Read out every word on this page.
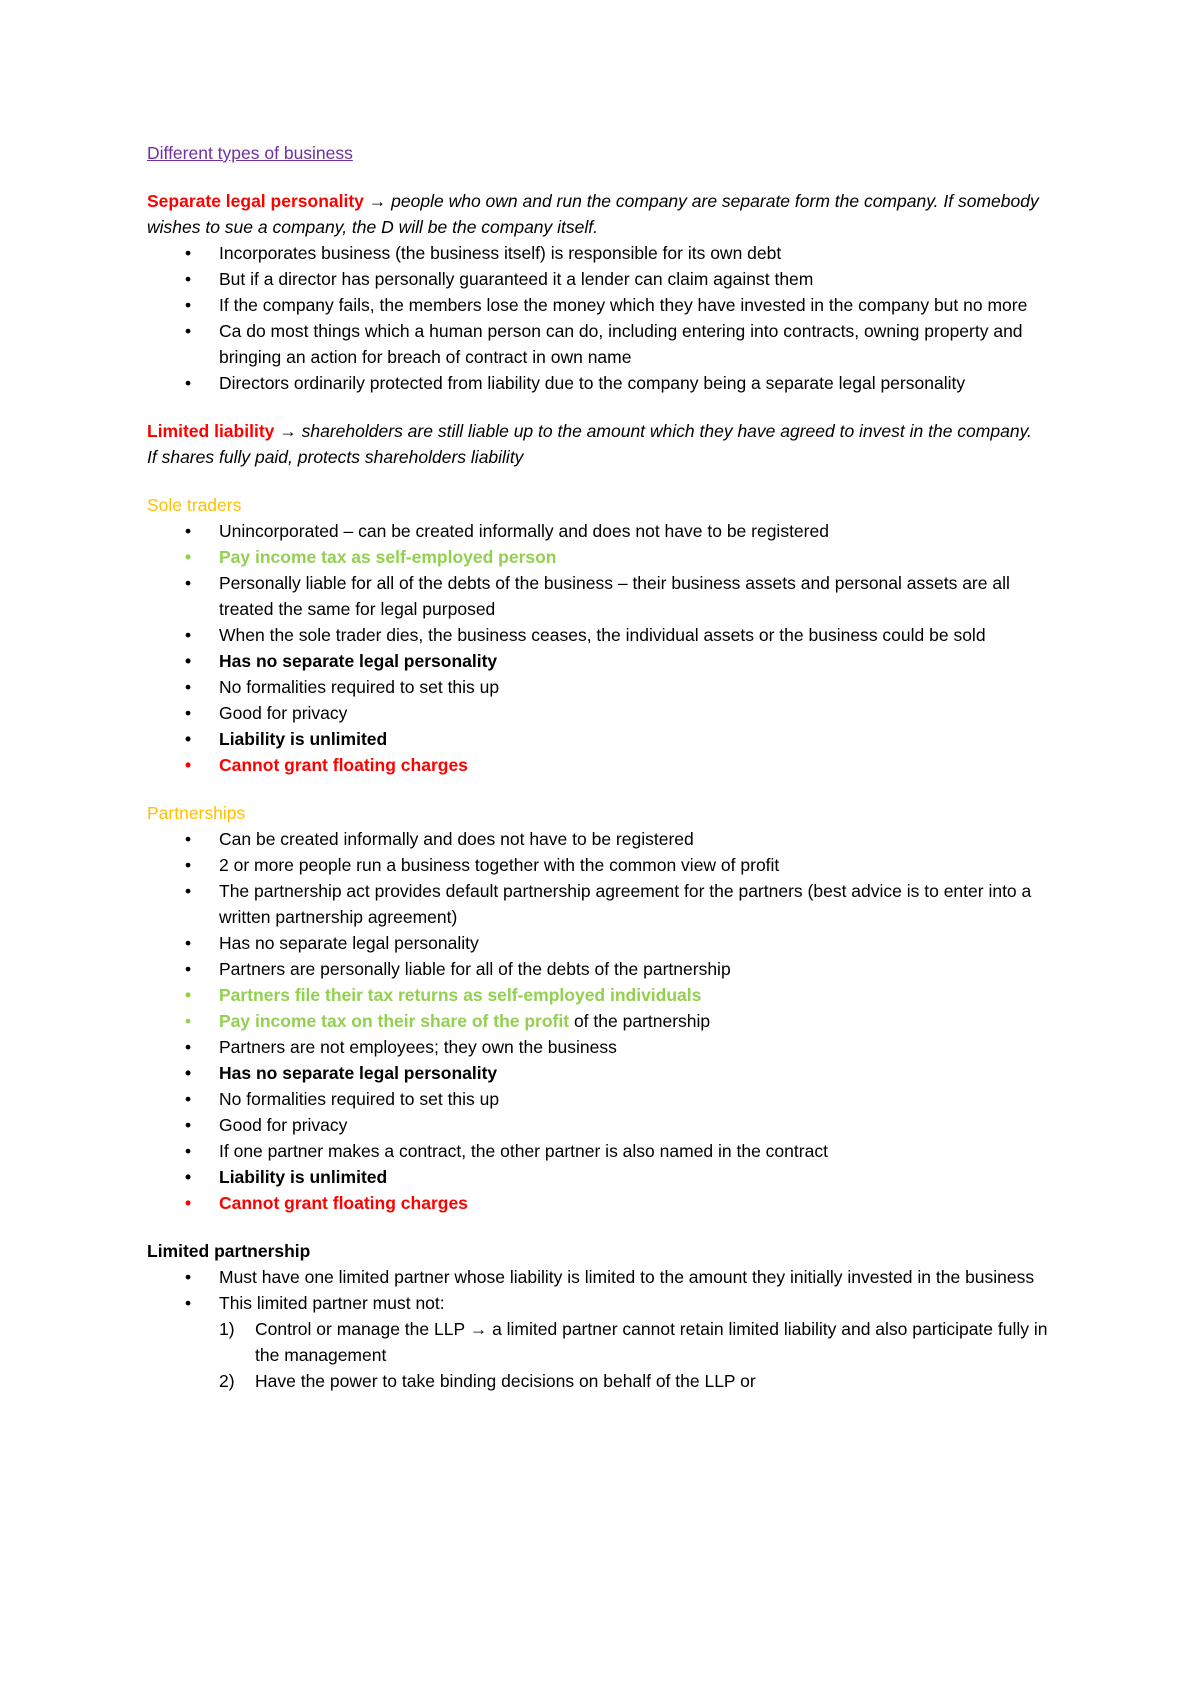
Different types of business

Separate legal personality → people who own and run the company are separate form the company. If somebody wishes to sue a company, the D will be the company itself.

• Incorporates business (the business itself) is responsible for its own debt
• But if a director has personally guaranteed it a lender can claim against them
• If the company fails, the members lose the money which they have invested in the company but no more
• Ca do most things which a human person can do, including entering into contracts, owning property and bringing an action for breach of contract in own name
• Directors ordinarily protected from liability due to the company being a separate legal personality

Limited liability → shareholders are still liable up to the amount which they have agreed to invest in the company.

If shares fully paid, protects shareholders liability

Sole traders

• Unincorporated – can be created informally and does not have to be registered
• Pay income tax as self-employed person
• Personally liable for all of the debts of the business – their business assets and personal assets are all treated the same for legal purposed
• When the sole trader dies, the business ceases, the individual assets or the business could be sold
• Has no separate legal personality
• No formalities required to set this up
• Good for privacy
• Liability is unlimited
• Cannot grant floating charges

Partnerships

• Can be created informally and does not have to be registered
• 2 or more people run a business together with the common view of profit
• The partnership act provides default partnership agreement for the partners (best advice is to enter into a written partnership agreement)
• Has no separate legal personality
• Partners are personally liable for all of the debts of the partnership
• Partners file their tax returns as self-employed individuals
• Pay income tax on their share of the profit of the partnership
• Partners are not employees; they own the business
• Has no separate legal personality
• No formalities required to set this up
• Good for privacy
• If one partner makes a contract, the other partner is also named in the contract
• Liability is unlimited
• Cannot grant floating charges

Limited partnership

• Must have one limited partner whose liability is limited to the amount they initially invested in the business
• This limited partner must not:
1) Control or manage the LLP → a limited partner cannot retain limited liability and also participate fully in the management
2) Have the power to take binding decisions on behalf of the LLP or
